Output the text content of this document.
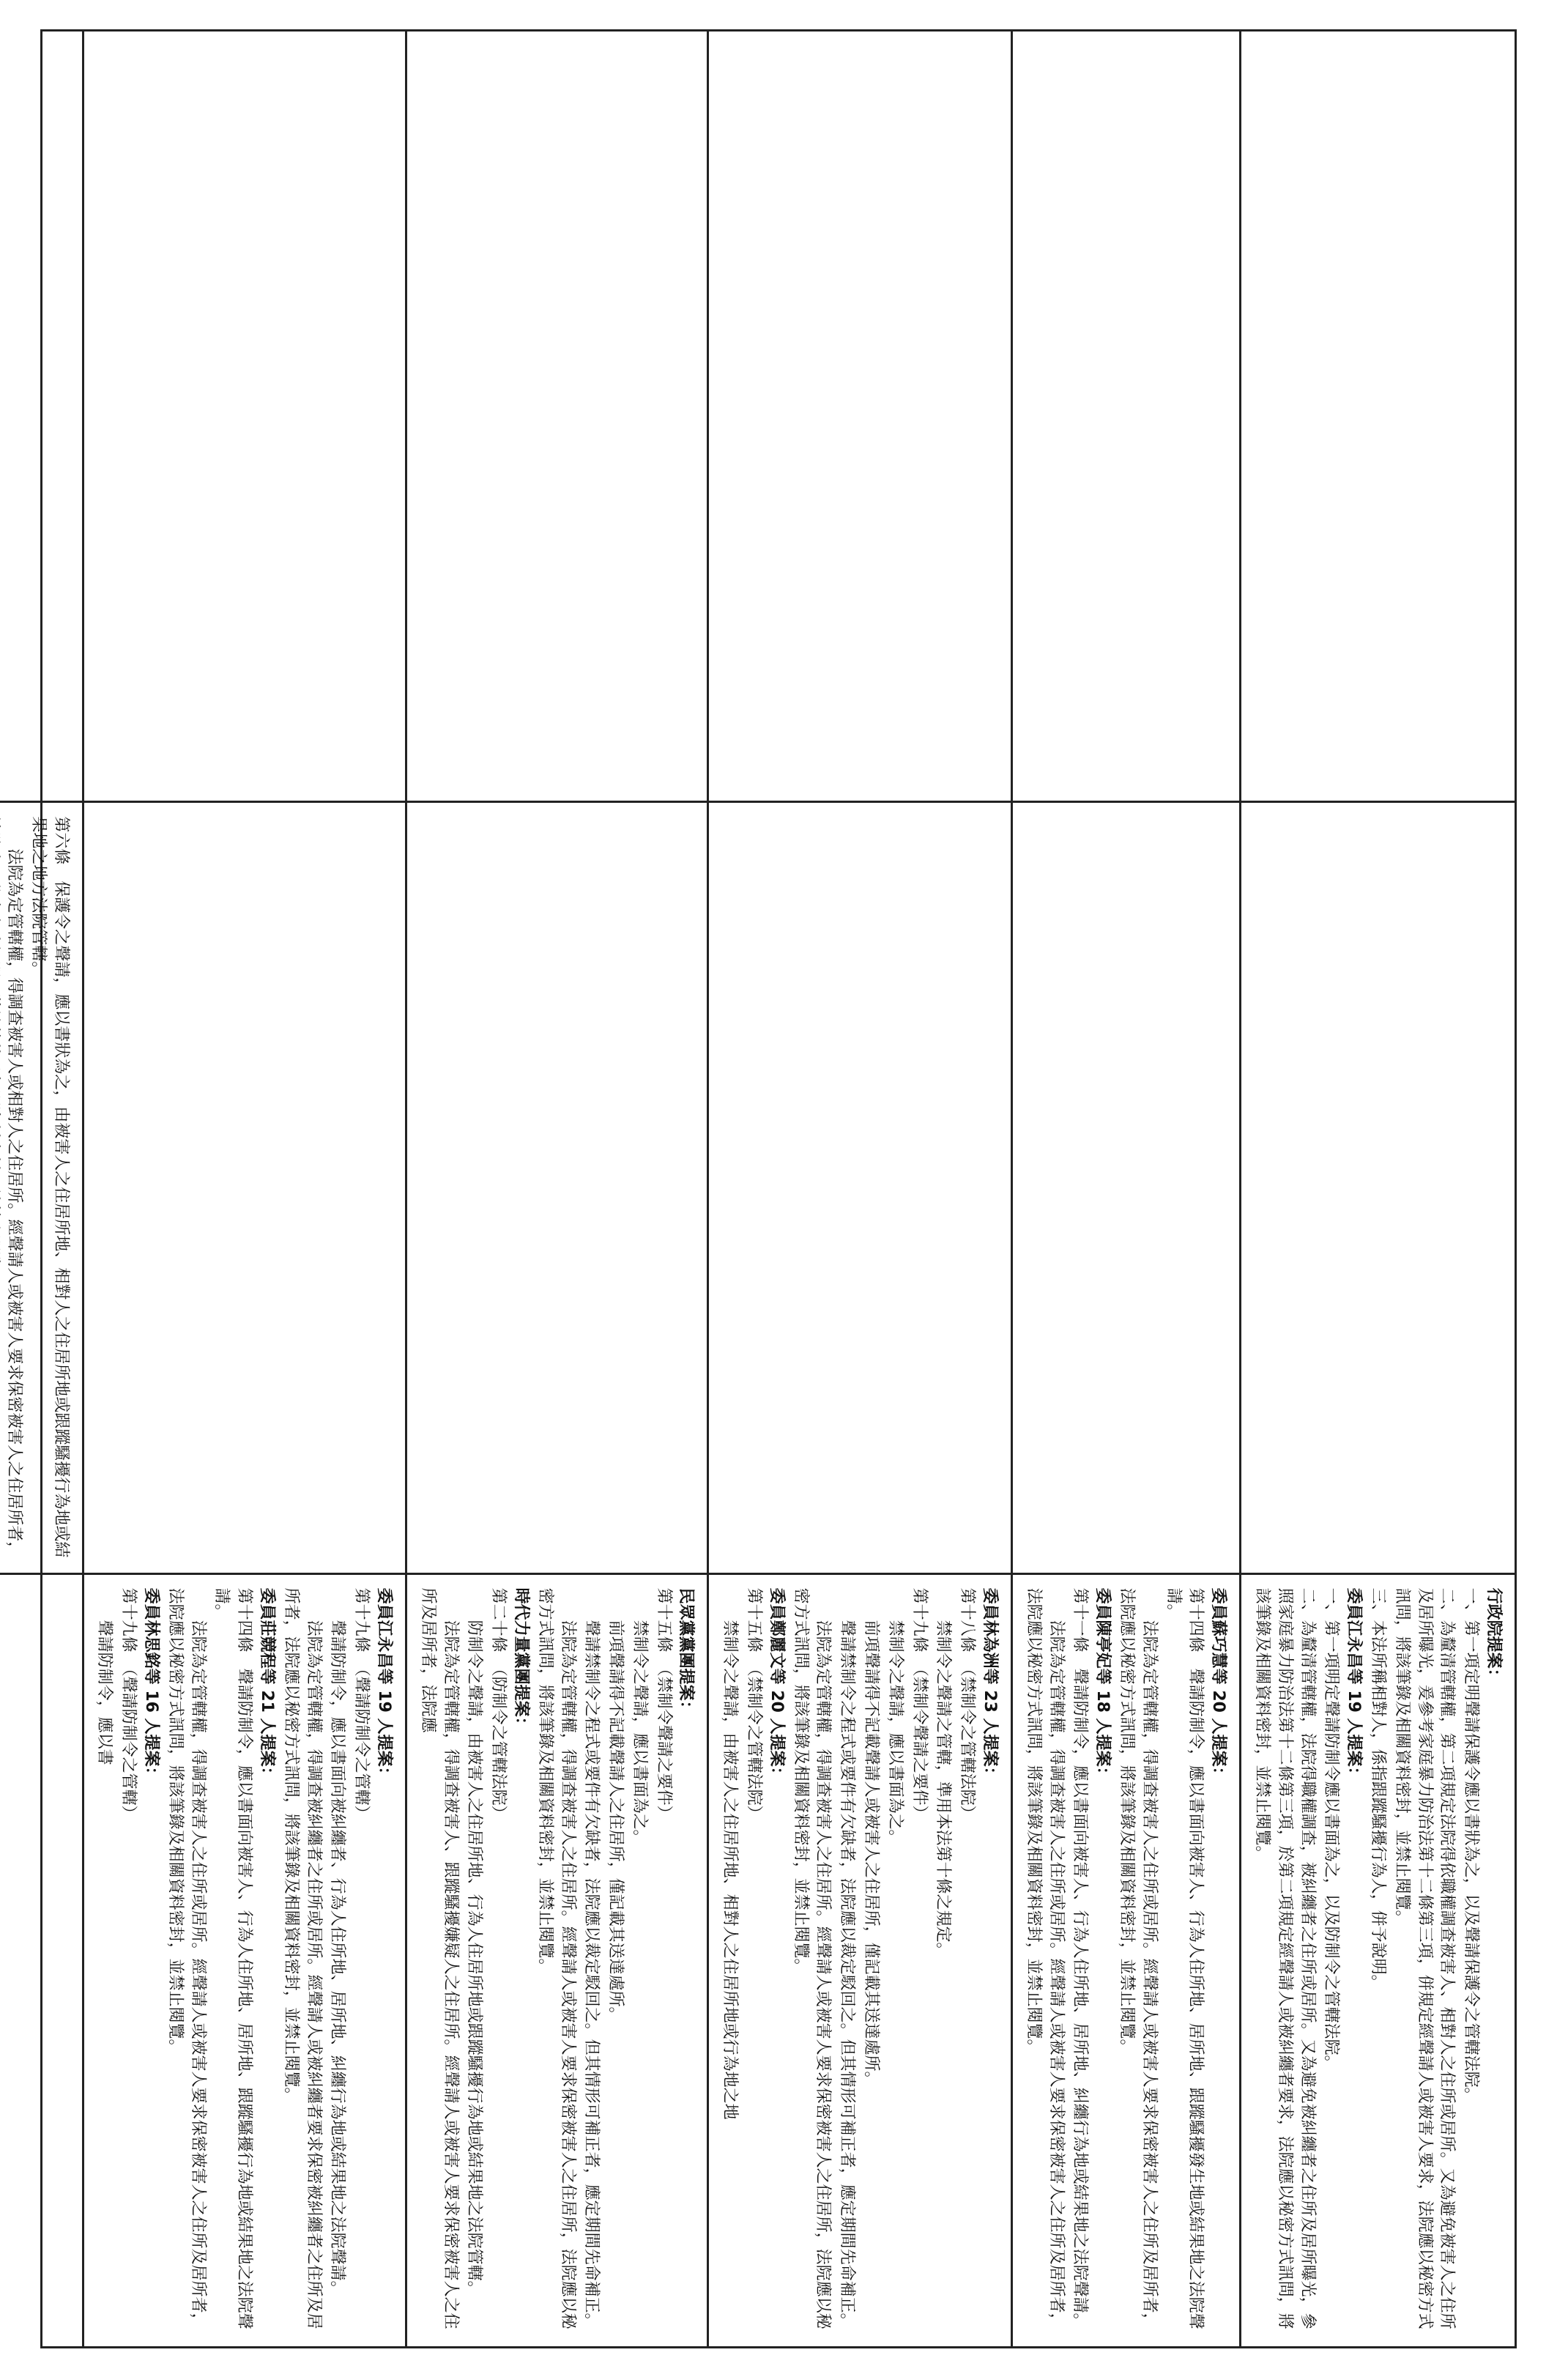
行政院提案：

一、第一項定明聲請保護令應以書狀為之，以及聲請保護令之管轄法院。

二、為釐清管轄權，第二項規定法院得依職權調查被害人、相對人之住所或居所。又為避免被害人之住所及居所曝光，爰參考家庭暴力防治法第十二條第三項，併規定經聲請人或被害人要求，法院應以秘密方式訊問，將該筆錄及相關資料密封，並禁止閱覽。

三、本法所稱相對人，係指跟蹤騷擾行為人，併予說明。

委員江永昌等 19 人提案：

一、第一項明定聲請防制令應以書面為之，以及防制令之管轄法院。

二、為釐清管轄權，法院得職權調查，被糾纏者之住所或居所。又為避免被糾纏者之住所及居所曝光，參照家庭暴力防治法第十二條第三項，於第二項規定經聲請人或被糾纏者要求，法院應以秘密方式訊問，將該筆錄及相關資料密封，並禁止閱覽。

委員蘇巧慧等 20 人提案：

第十四條　聲請防制令，應以書面向被害人、行為人住所地、居所地、跟蹤騷擾發生地或結果地之法院聲請。

　　法院為定管轄權，得調查被害人之住所或居所。經聲請人或被害人要求保密被害人之住所及居所者，法院應以秘密方式訊問，將該筆錄及相關資料密封，並禁止閱覽。

委員陳亭妃等 18 人提案：

第十一條　聲請防制令，應以書面向被害人、行為人住所地、居所地、糾纏行為地或結果地之法院聲請。

　　法院為定管轄權，得調查被害人之住所或居所。經聲請人或被害人要求保密被害人之住所及居所者，法院應以秘密方式訊問，將該筆錄及相關資料密封，並禁止閱覽。

委員林為洲等 23 人提案：

第十八條　（禁制令之管轄法院）

　　禁制令之聲請之管轄，準用本法第十條之規定。

第十九條　（禁制令聲請之要件）

　　禁制令之聲請，應以書面為之。

　　前項聲請得不記載聲請人或被害人之住居所，僅記載其送達處所。

　　聲請禁制令之程式或要件有欠缺者，法院應以裁定駁回之。但其情形可補正者，應定期間先命補正。

　　法院為定管轄權，得調查被害人之住居所。經聲請人或被害人要求保密被害人之住居所，法院應以秘密方式訊問，將該筆錄及相關資料密封，並禁止閱覽。

委員鄭麗文等 20 人提案：

第十五條　（禁制令之管轄法院）

　　禁制令之聲請，由被害人之住居所地、相對人之住居所地或行為地之地

民眾黨黨團提案：

第十五條　（禁制令聲請之要件）

　　禁制令之聲請，應以書面為之。

　　前項聲請得不記載聲請人之住居所，僅記載其送達處所。

　　聲請禁制令之程式或要件有欠缺者，法院應以裁定駁回之。但其情形可補正者，應定期間先命補正。

　　法院為定管轄權，得調查被害人之住居所。經聲請人或被害人要求保密被害人之住居所，法院應以秘密方式訊問，將該筆錄及相關資料密封，並禁止閱覽。

時代力量黨團提案：

第二十條　（防制令之管轄法院）

　　防制令之聲請，由被害人之住居所地、行為人住居所地或跟蹤騷擾行為地或結果地之法院管轄。

　　法院為定管轄權，得調查被害人、跟蹤騷擾嫌疑人之住居所。經聲請人或被害人要求保密被害人之住所及居所者，法院應

委員江永昌等 19 人提案：

第十九條　（聲請防制令之管轄）

　　聲請防制令，應以書面向被糾纏者、行為人住所地、居所地、糾纏行為地或結果地之法院聲請。

　　法院為定管轄權，得調查被糾纏者之住所或居所。經聲請人或被糾纏者要求保密被糾纏者之住所及居所者，法院應以秘密方式訊問，將該筆錄及相關資料密封，並禁止閱覽。

委員莊競程等 21 人提案：

第十四條　聲請防制令，應以書面向被害人、行為人住所地、居所地、跟蹤騷擾行為地或結果地之法院聲請。

　　法院為定管轄權，得調查被害人之住所或居所。經聲請人或被害人要求保密被害人之住所及居所者，法院應以秘密方式訊問，將該筆錄及相關資料密封，並禁止閱覽。

委員林思銘等 16 人提案：

第十九條　（聲請防制令之管轄）

　　聲請防制令，應以書

第六條　保護令之聲請，應以書狀為之，由被害人之住居所地、相對人之住居所地或跟蹤騷擾行為地或結果地之地方法院管轄。

　　法院為定管轄權，得調查被害人或相對人之住居所。經聲請人或被害人要求保密被害人之住居所者，
